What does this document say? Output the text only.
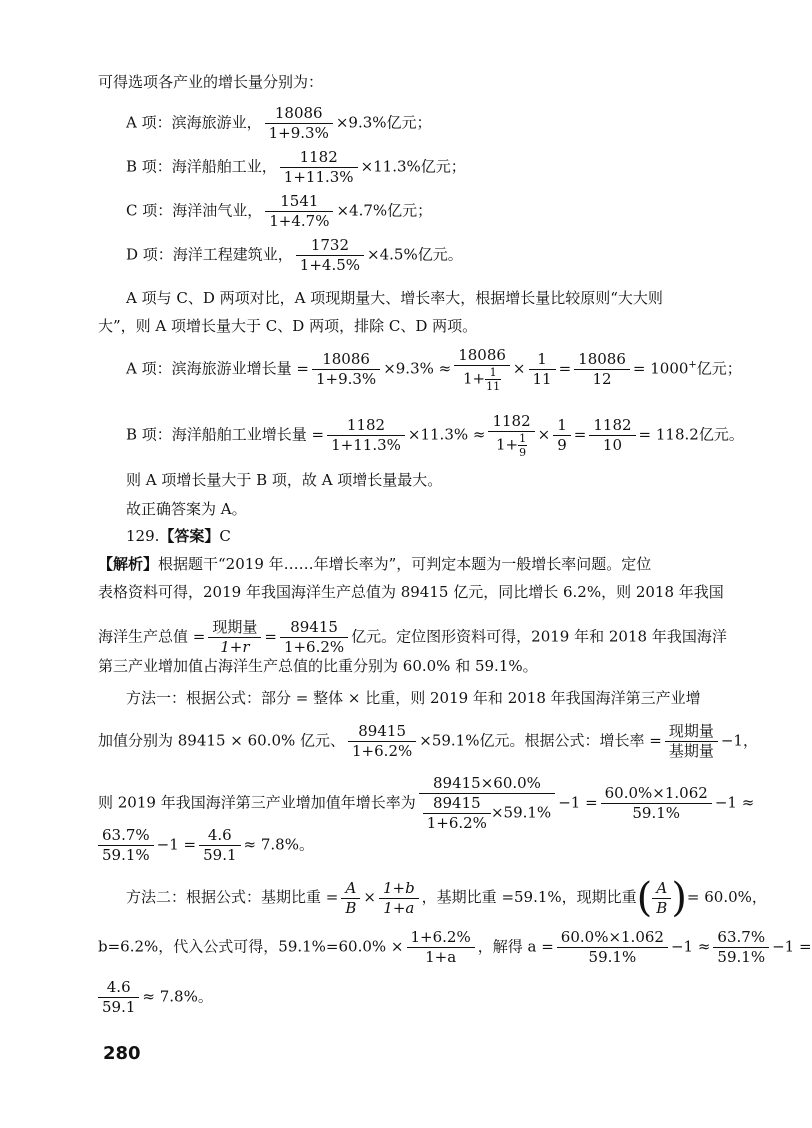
可得选项各产业的增长量分别为：
A 项：滨海旅游业， $\frac{18086}{1+9.3\%} \times 9.3\%$亿元；
B 项：海洋船舶工业， $\frac{1182}{1+11.3\%} \times 11.3\%$亿元；
C 项：海洋油气业， $\frac{1541}{1+4.7\%} \times 4.7\%$亿元；
D 项：海洋工程建筑业， $\frac{1732}{1+4.5\%} \times 4.5\%$亿元。
A 项与 C、D 两项对比，A 项现期量大、增长率大，根据增长量比较原则“大大则
大”，则 A 项增长量大于 C、D 两项，排除 C、D 两项。
A 项：滨海旅游业增长量 = $\frac{18086}{1+9.3\%} \times 9.3\% \approx \frac{18086}{1+ \frac{1}{11}} \times \frac{1}{11} = \frac{18086}{12} = 1000^+$亿元；
B 项：海洋船舶工业增长量 = $\frac{1182}{1+11.3\%} \times 11.3\% \approx \frac{1182}{1+ \frac{1}{9}} \times \frac{1}{9} = \frac{1182}{10} = 118.2$亿元。
则 A 项增长量大于 B 项，故 A 项增长量最大。
故正确答案为 A。
129.【答案】C
【解析】根据题干“2019 年……年增长率为”，可判定本题为一般增长率问题。定位
表格资料可得，2019 年我国海洋生产总值为 89415 亿元，同比增长 6.2%，则 2018 年我国
海洋生产总值 = $\frac{\text{现期量}}{1+r} = \frac{89415}{1+6.2\%}$ 亿元。定位图形资料可得，2019 年和 2018 年我国海洋
第三产业增加值占海洋生产总值的比重分别为 60.0% 和 59.1%。
方法一：根据公式：部分 = 整体 × 比重，则 2019 年和 2018 年我国海洋第三产业增
加值分别为 89415 × 60.0% 亿元、 $\frac{89415}{1+6.2\%} \times 59.1\%$亿元。根据公式：增长率 = $\frac{\text{现期量}}{\text{基期量}} -1$，
则 2019 年我国海洋第三产业增加值年增长率为 $\frac{89415\times 60.0\%}{\frac{89415}{1+6.2\%} \times 59.1\%} -1 = \frac{60.0\%\times 1.062}{59.1\%} -1$ ≈
$\frac{63.7\%}{59.1\%} -1 = \frac{4.6}{59.1} \approx 7.8\%$。
方法二：根据公式：基期比重 = $\frac{A}{B} \times \frac{1+b}{1+a}$ ，基期比重 =59.1%，现期比重( $\frac{A}{B}$ )= 60.0%，
b=6.2%，代入公式可得，$59.1\%=60.0\% \times \frac{1+6.2\%}{1+a}$ ，解得 $a = \frac{60.0\%\times 1.062}{59.1\%} -1 \approx \frac{63.7\%}{59.1\%} -1$ =
$\frac{4.6}{59.1} \approx 7.8\%$。
280
